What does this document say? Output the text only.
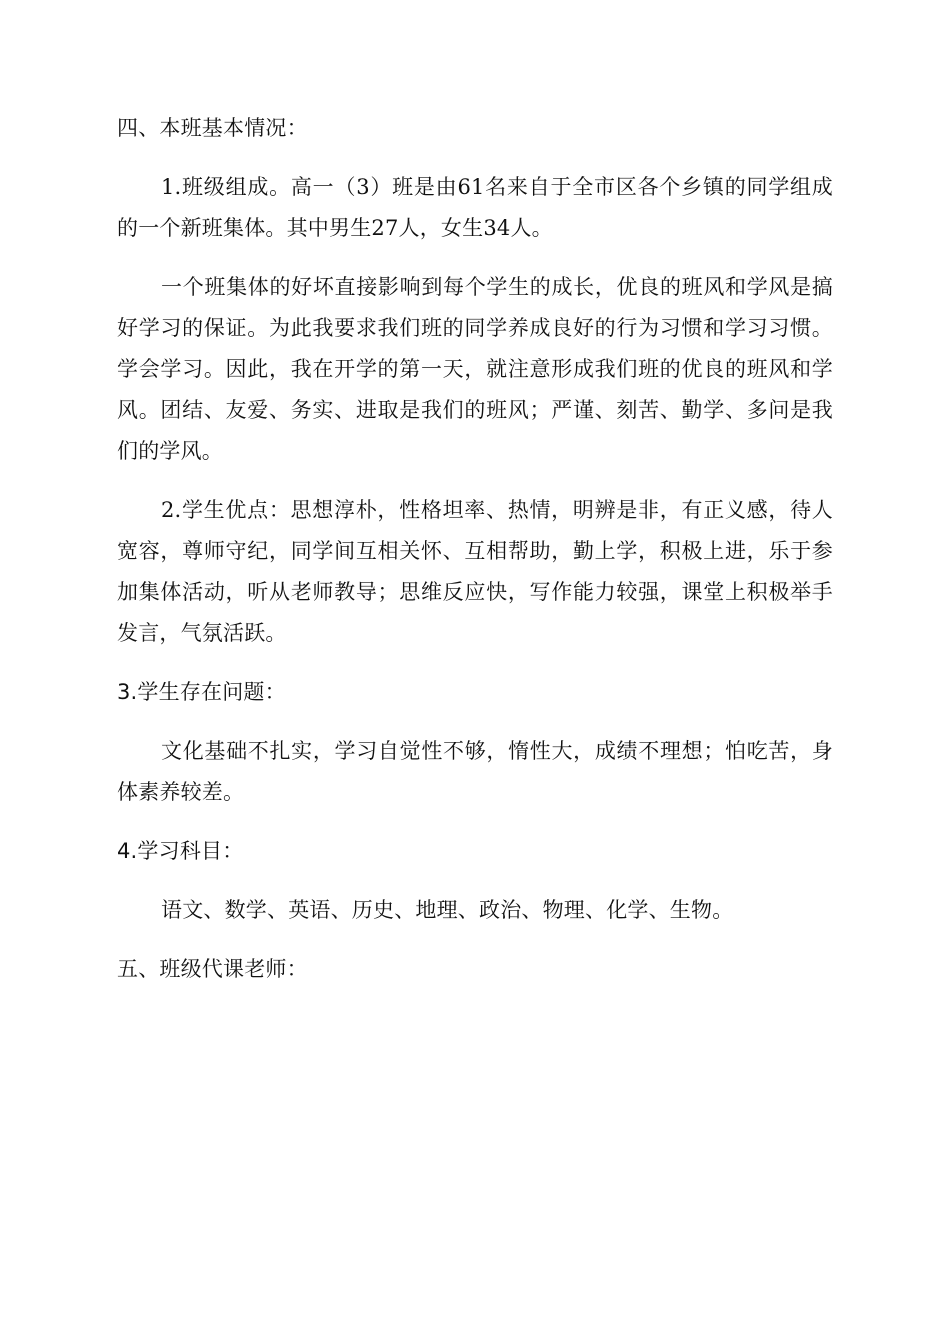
四、本班基本情况：

1.班级组成。高一（3）班是由61名来自于全市区各个乡镇的同学组成的一个新班集体。其中男生27人，女生34人。

一个班集体的好坏直接影响到每个学生的成长，优良的班风和学风是搞好学习的保证。为此我要求我们班的同学养成良好的行为习惯和学习习惯。学会学习。因此，我在开学的第一天，就注意形成我们班的优良的班风和学风。团结、友爱、务实、进取是我们的班风；严谨、刻苦、勤学、多问是我们的学风。

2.学生优点：思想淳朴，性格坦率、热情，明辨是非，有正义感，待人宽容，尊师守纪，同学间互相关怀、互相帮助，勤上学，积极上进，乐于参加集体活动，听从老师教导；思维反应快，写作能力较强，课堂上积极举手发言，气氛活跃。

3.学生存在问题：

文化基础不扎实，学习自觉性不够，惰性大，成绩不理想；怕吃苦，身体素养较差。

4.学习科目：

语文、数学、英语、历史、地理、政治、物理、化学、生物。

五、班级代课老师：
